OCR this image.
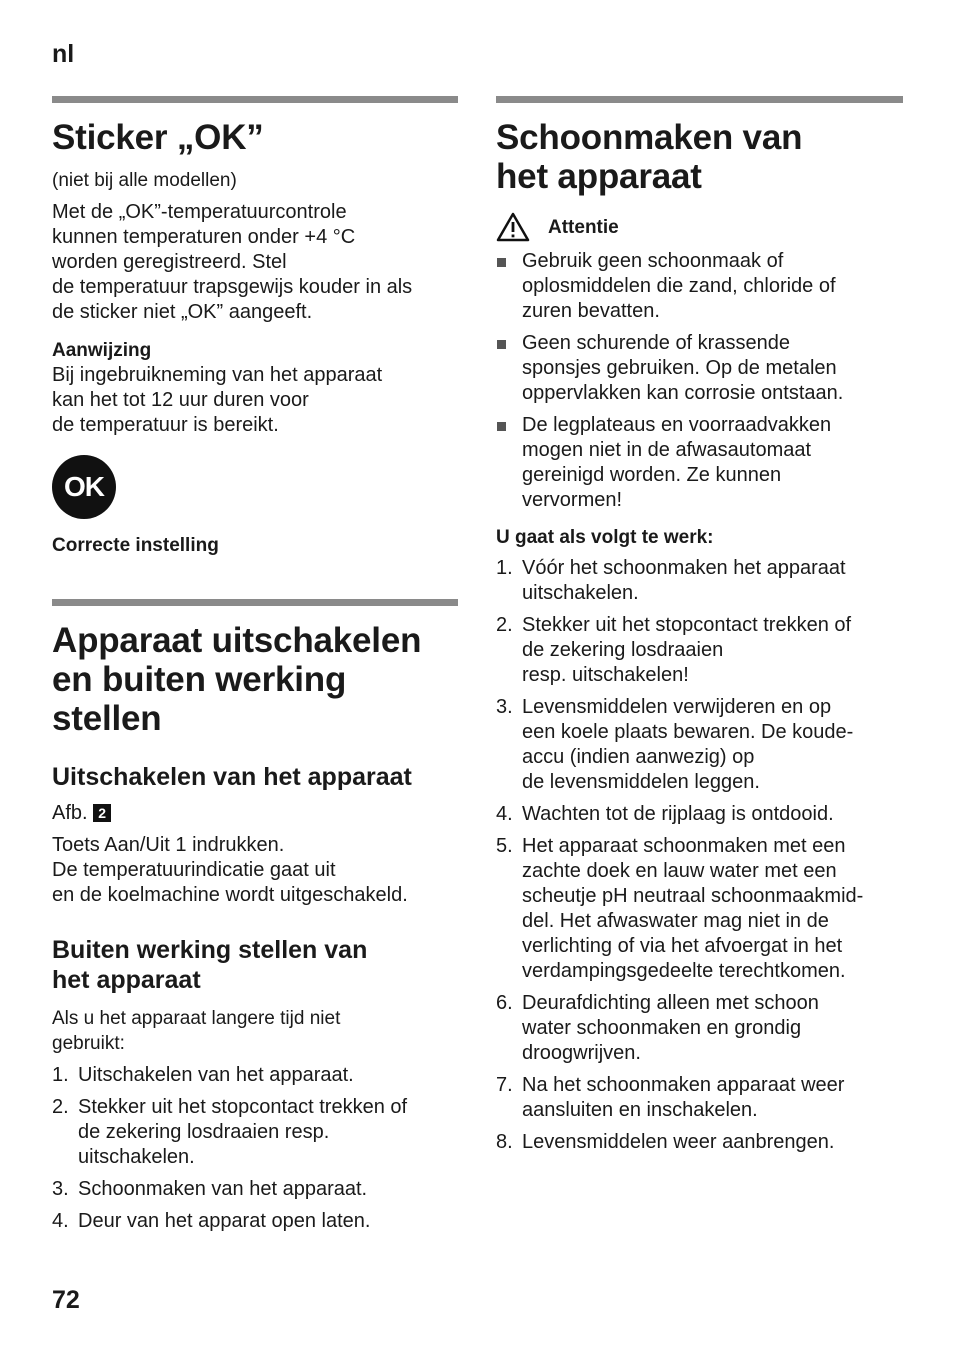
nl
Sticker „OK”

(niet bij alle modellen)

Met de „OK”-temperatuurcontrole
kunnen temperaturen onder +4 °C
worden geregistreerd. Stel
de temperatuur trapsgewijs kouder in als
de sticker niet „OK” aangeeft.

Aanwijzing

Bij ingebruikneming van het apparaat
kan het tot 12 uur duren voor
de temperatuur is bereikt.

OK

Correcte instelling

Apparaat uitschakelen
en buiten werking
stellen
Uitschakelen van het apparaat

Afb. 2

Toets Aan/Uit 1 indrukken.
De temperatuurindicatie gaat uit
en de koelmachine wordt uitgeschakeld.

Buiten werking stellen van
het apparaat

Als u het apparaat langere tijd niet
gebruikt:

1. Uitschakelen van het apparaat.
2. Stekker uit het stopcontact trekken of
de zekering losdraaien resp.
uitschakelen.
3. Schoonmaken van het apparaat.
4. Deur van het apparat open laten.
Schoonmaken van
het apparaat
Attentie
Gebruik geen schoonmaak of
oplosmiddelen die zand, chloride of
zuren bevatten.
Geen schurende of krassende
sponsjes gebruiken. Op de metalen
oppervlakken kan corrosie ontstaan.
De legplateaus en voorraadvakken
mogen niet in de afwasautomaat
gereinigd worden. Ze kunnen
vervormen!

U gaat als volgt te werk:

1. Vóór het schoonmaken het apparaat
uitschakelen.
2. Stekker uit het stopcontact trekken of
de zekering losdraaien
resp. uitschakelen!
3. Levensmiddelen verwijderen en op
een koele plaats bewaren. De koude-
accu (indien aanwezig) op
de levensmiddelen leggen.
4. Wachten tot de rijplaag is ontdooid.
5. Het apparaat schoonmaken met een
zachte doek en lauw water met een
scheutje pH neutraal schoonmaakmid-
del. Het afwaswater mag niet in de
verlichting of via het afvoergat in het
verdampingsgedeelte terechtkomen.
6. Deurafdichting alleen met schoon
water schoonmaken en grondig
droogwrijven.
7. Na het schoonmaken apparaat weer
aansluiten en inschakelen.
8. Levensmiddelen weer aanbrengen.
72
